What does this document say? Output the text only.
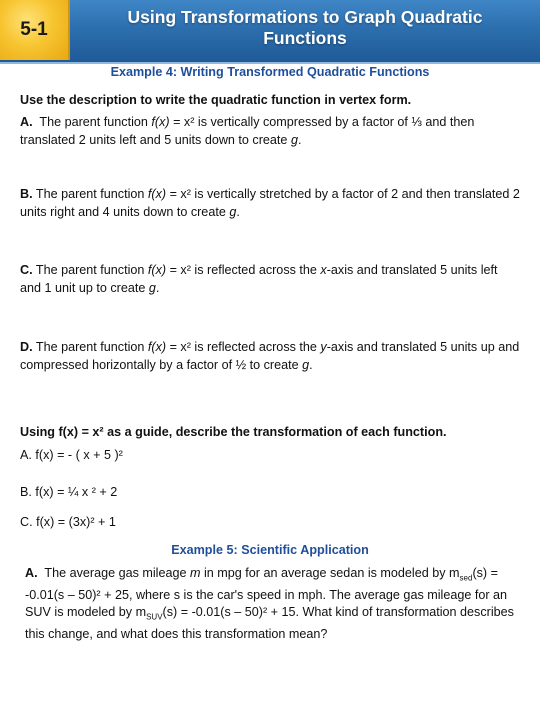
5-1
Using Transformations to Graph Quadratic
Functions

Example 4: Writing Transformed Quadratic Functions

Use the description to write the quadratic function in vertex form.

A. The parent function f(x) = x² is vertically compressed by a factor of ⅓ and then translated 2 units left and 5 units down to create g.

B. The parent function f(x) = x² is vertically stretched by a factor of 2 and then translated 2 units right and 4 units down to create g.

C. The parent function f(x) = x² is reflected across the x-axis and translated 5 units left and 1 unit up to create g.

D. The parent function f(x) = x² is reflected across the y-axis and translated 5 units up and compressed horizontally by a factor of ½ to create g.

Using f(x) = x² as a guide, describe the transformation of each function.

A. f(x) = - ( x + 5 )²

B. f(x) = ¼ x ² + 2

C. f(x) = (3x)² + 1

Example 5: Scientific Application

A. The average gas mileage m in mpg for an average sedan is modeled by $m_{sed}(s) = -0.01(s - 50)^2 + 25$, where s is the car's speed in mph. The average gas mileage for an SUV is modeled by $m_{SUV}(s) = -0.01(s - 50)^2 + 15$. What kind of transformation describes this change, and what does this transformation mean?
